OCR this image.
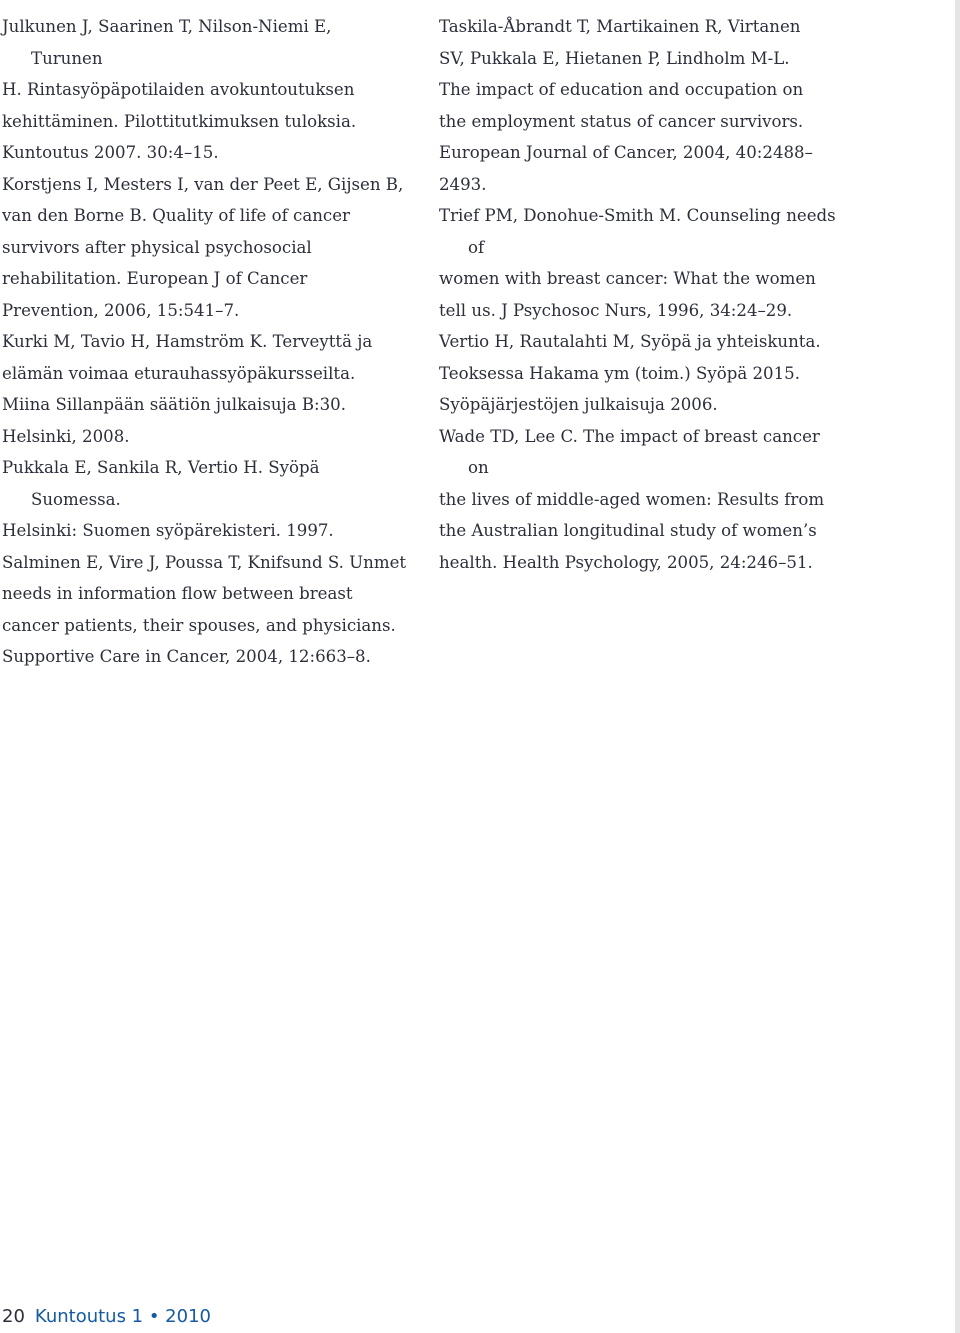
Julkunen J, Saarinen T, Nilson-Niemi E, Turunen
H. Rintasyöpäpotilaiden avokuntoutuksen
kehittäminen. Pilottitutkimuksen tuloksia.
Kuntoutus 2007. 30:4–15.

Korstjens I, Mesters I, van der Peet E, Gijsen B,
van den Borne B. Quality of life of cancer
survivors after physical psychosocial
rehabilitation. European J of Cancer
Prevention, 2006, 15:541–7.

Kurki M, Tavio H, Hamström K. Terveyttä ja
elämän voimaa eturauhassyöpäkursseilta.
Miina Sillanpään säätiön julkaisuja B:30.
Helsinki, 2008.

Pukkala E, Sankila R, Vertio H. Syöpä Suomessa.
Helsinki: Suomen syöpärekisteri. 1997.

Salminen E, Vire J, Poussa T, Knifsund S. Unmet
needs in information flow between breast
cancer patients, their spouses, and physicians.
Supportive Care in Cancer, 2004, 12:663–8.

Taskila-Åbrandt T, Martikainen R, Virtanen
SV, Pukkala E, Hietanen P, Lindholm M-L.
The impact of education and occupation on
the employment status of cancer survivors.
European Journal of Cancer, 2004, 40:2488–
2493.

Trief PM, Donohue-Smith M. Counseling needs of
women with breast cancer: What the women
tell us. J Psychosoc Nurs, 1996, 34:24–29.

Vertio H, Rautalahti M, Syöpä ja yhteiskunta.
Teoksessa Hakama ym (toim.) Syöpä 2015.
Syöpäjärjestöjen julkaisuja 2006.

Wade TD, Lee C. The impact of breast cancer on
the lives of middle-aged women: Results from
the Australian longitudinal study of women’s
health. Health Psychology, 2005, 24:246–51.

20 Kuntoutus 1 • 2010
